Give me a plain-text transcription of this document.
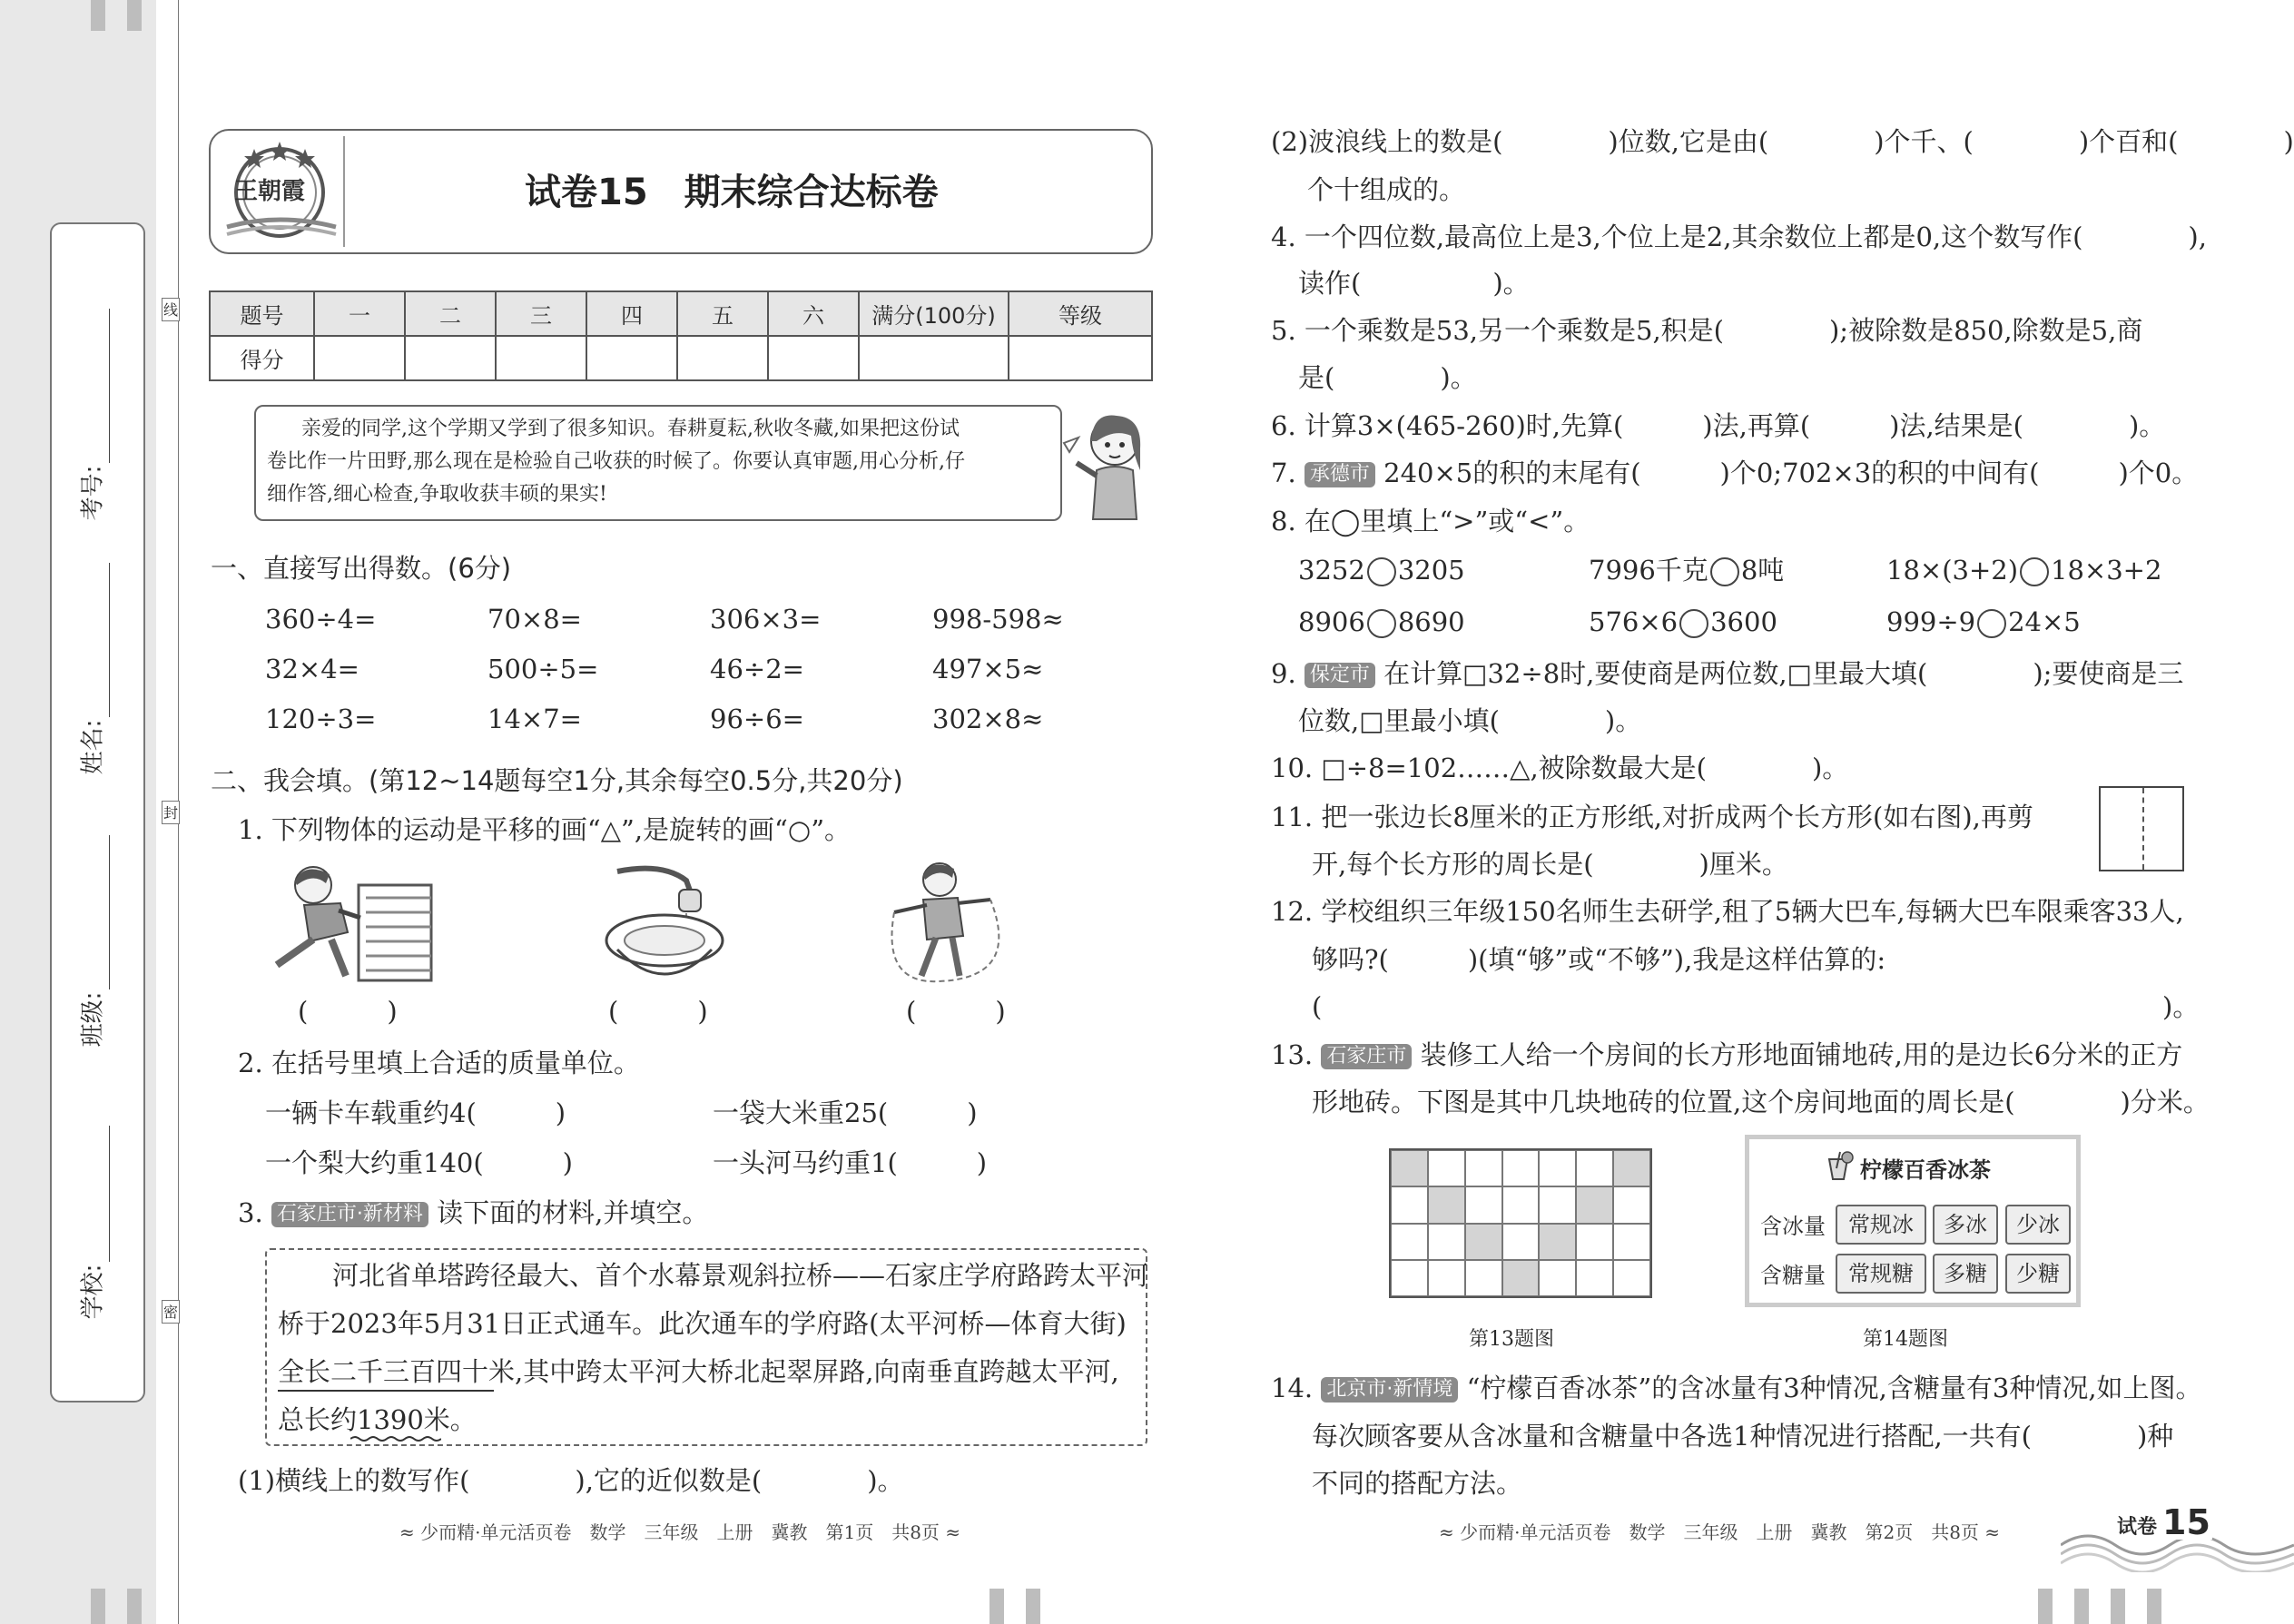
考号:
姓名:
班级:
学校:
线
封
密
王朝霞	试卷15　期末综合达标卷
题号	一	二	三	四	五	六	满分(100分)	等级
得分								
亲爱的同学,这个学期又学到了很多知识。春耕夏耘,秋收冬藏,如果把这份试
卷比作一片田野,那么现在是检验自己收获的时候了。你要认真审题,用心分析,仔
细作答,细心检查,争取收获丰硕的果实!
一、直接写出得数。(6分)
360÷4=	70×8=	306×3=	998-598≈
32×4=	500÷5=	46÷2=	497×5≈
120÷3=	14×7=	96÷6=	302×8≈
二、我会填。(第12~14题每空1分,其余每空0.5分,共20分)
1. 下列物体的运动是平移的画“△”,是旋转的画“○”。
(　　　)	(　　　)	(　　　)
2. 在括号里填上合适的质量单位。
一辆卡车载重约4(　　　)	一袋大米重25(　　　)
一个梨大约重140(　　　)	一头河马约重1(　　　)
3. 石家庄市·新材料 读下面的材料,并填空。
河北省单塔跨径最大、首个水幕景观斜拉桥——石家庄学府路跨太平河
桥于2023年5月31日正式通车。此次通车的学府路(太平河桥—体育大街)
全长二千三百四十米,其中跨太平河大桥北起翠屏路,向南垂直跨越太平河,
总长约1390米。
(1)横线上的数写作(　　　　),它的近似数是(　　　　)。
≈ 少而精·单元活页卷　数学　三年级　上册　冀教　第1页　共8页 ≈
(2)波浪线上的数是(　　　　)位数,它是由(　　　　)个千、(　　　　)个百和(　　　　)
个十组成的。
4. 一个四位数,最高位上是3,个位上是2,其余数位上都是0,这个数写作(　　　　),
读作(　　　　　)。
5. 一个乘数是53,另一个乘数是5,积是(　　　　);被除数是850,除数是5,商
是(　　　　)。
6. 计算3×(465-260)时,先算(　　　)法,再算(　　　)法,结果是(　　　　)。
7. 承德市 240×5的积的末尾有(　　　)个0;702×3的积的中间有(　　　)个0。
8. 在◯里填上“>”或“<”。
3252 3205	7996千克 8吨	18×(3+2) 18×3+2
8906 8690	576×6 3600	999÷9 24×5
9. 保定市 在计算□32÷8时,要使商是两位数,□里最大填(　　　　);要使商是三
位数,□里最小填(　　　　)。
10. □÷8=102……△,被除数最大是(　　　　)。
11. 把一张边长8厘米的正方形纸,对折成两个长方形(如右图),再剪
开,每个长方形的周长是(　　　　)厘米。
12. 学校组织三年级150名师生去研学,租了5辆大巴车,每辆大巴车限乘客33人,
够吗?(　　　)(填“够”或“不够”),我是这样估算的:
(	)。
13. 石家庄市 装修工人给一个房间的长方形地面铺地砖,用的是边长6分米的正方
形地砖。下图是其中几块地砖的位置,这个房间地面的周长是(　　　　)分米。
第13题图
柠檬百香冰茶
含冰量	常规冰	多冰	少冰
含糖量	常规糖	多糖	少糖
第14题图
14. 北京市·新情境 “柠檬百香冰茶”的含冰量有3种情况,含糖量有3种情况,如上图。
每次顾客要从含冰量和含糖量中各选1种情况进行搭配,一共有(　　　　)种
不同的搭配方法。
≈ 少而精·单元活页卷　数学　三年级　上册　冀教　第2页　共8页 ≈	试卷 15
